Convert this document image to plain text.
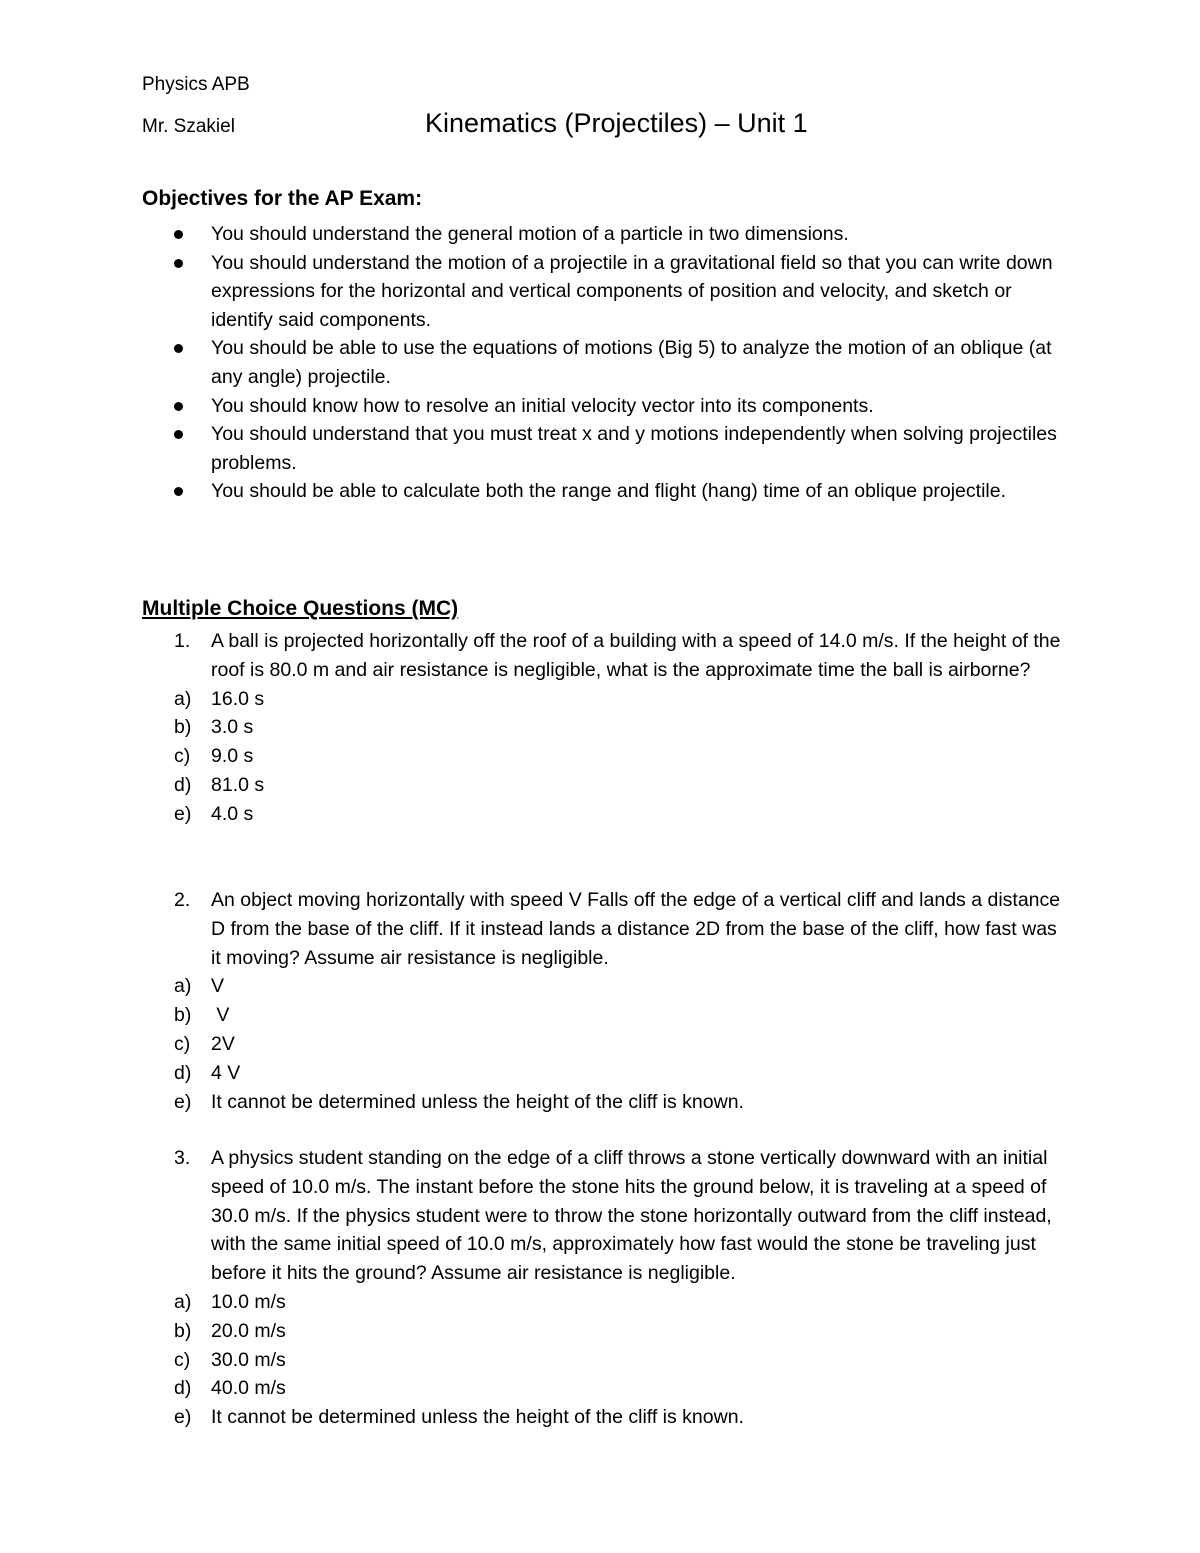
Physics APB
Mr. Szakiel	Kinematics (Projectiles) – Unit 1
Objectives for the AP Exam:
You should understand the general motion of a particle in two dimensions.
You should understand the motion of a projectile in a gravitational field so that you can write down expressions for the horizontal and vertical components of position and velocity, and sketch or identify said components.
You should be able to use the equations of motions (Big 5) to analyze the motion of an oblique (at any angle) projectile.
You should know how to resolve an initial velocity vector into its components.
You should understand that you must treat x and y motions independently when solving projectiles problems.
You should be able to calculate both the range and flight (hang) time of an oblique projectile.
Multiple Choice Questions (MC)
1. A ball is projected horizontally off the roof of a building with a speed of 14.0 m/s. If the height of the roof is 80.0 m and air resistance is negligible, what is the approximate time the ball is airborne?
a) 16.0 s
b) 3.0 s
c) 9.0 s
d) 81.0 s
e) 4.0 s
2. An object moving horizontally with speed V Falls off the edge of a vertical cliff and lands a distance D from the base of the cliff. If it instead lands a distance 2D from the base of the cliff, how fast was it moving? Assume air resistance is negligible.
a) V
b) V
c) 2V
d) 4 V
e) It cannot be determined unless the height of the cliff is known.
3. A physics student standing on the edge of a cliff throws a stone vertically downward with an initial speed of 10.0 m/s. The instant before the stone hits the ground below, it is traveling at a speed of 30.0 m/s. If the physics student were to throw the stone horizontally outward from the cliff instead, with the same initial speed of 10.0 m/s, approximately how fast would the stone be traveling just before it hits the ground? Assume air resistance is negligible.
a) 10.0 m/s
b) 20.0 m/s
c) 30.0 m/s
d) 40.0 m/s
e) It cannot be determined unless the height of the cliff is known.
